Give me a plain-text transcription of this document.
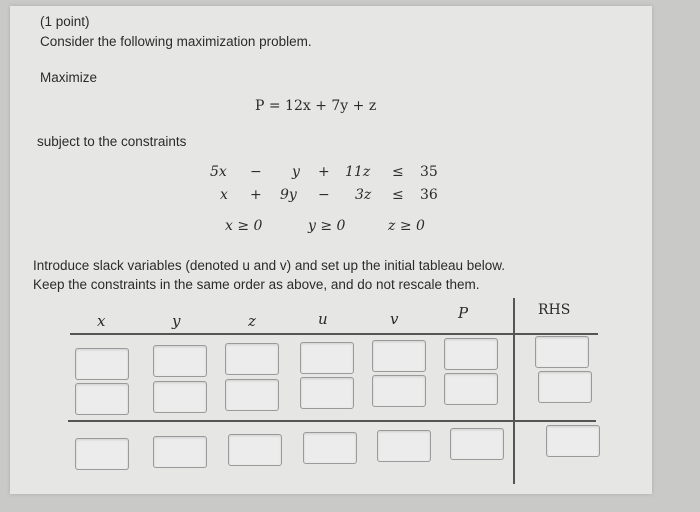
(1 point)
Consider the following maximization problem.
Maximize
P = 12x + 7y + z
subject to the constraints
5x − y + 11z ≤ 35
x + 9y − 3z ≤ 36
x ≥ 0	y ≥ 0	z ≥ 0
Introduce slack variables (denoted u and v) and set up the initial tableau below.
Keep the constraints in the same order as above, and do not rescale them.
x	y	z	u	v	P	RHS
